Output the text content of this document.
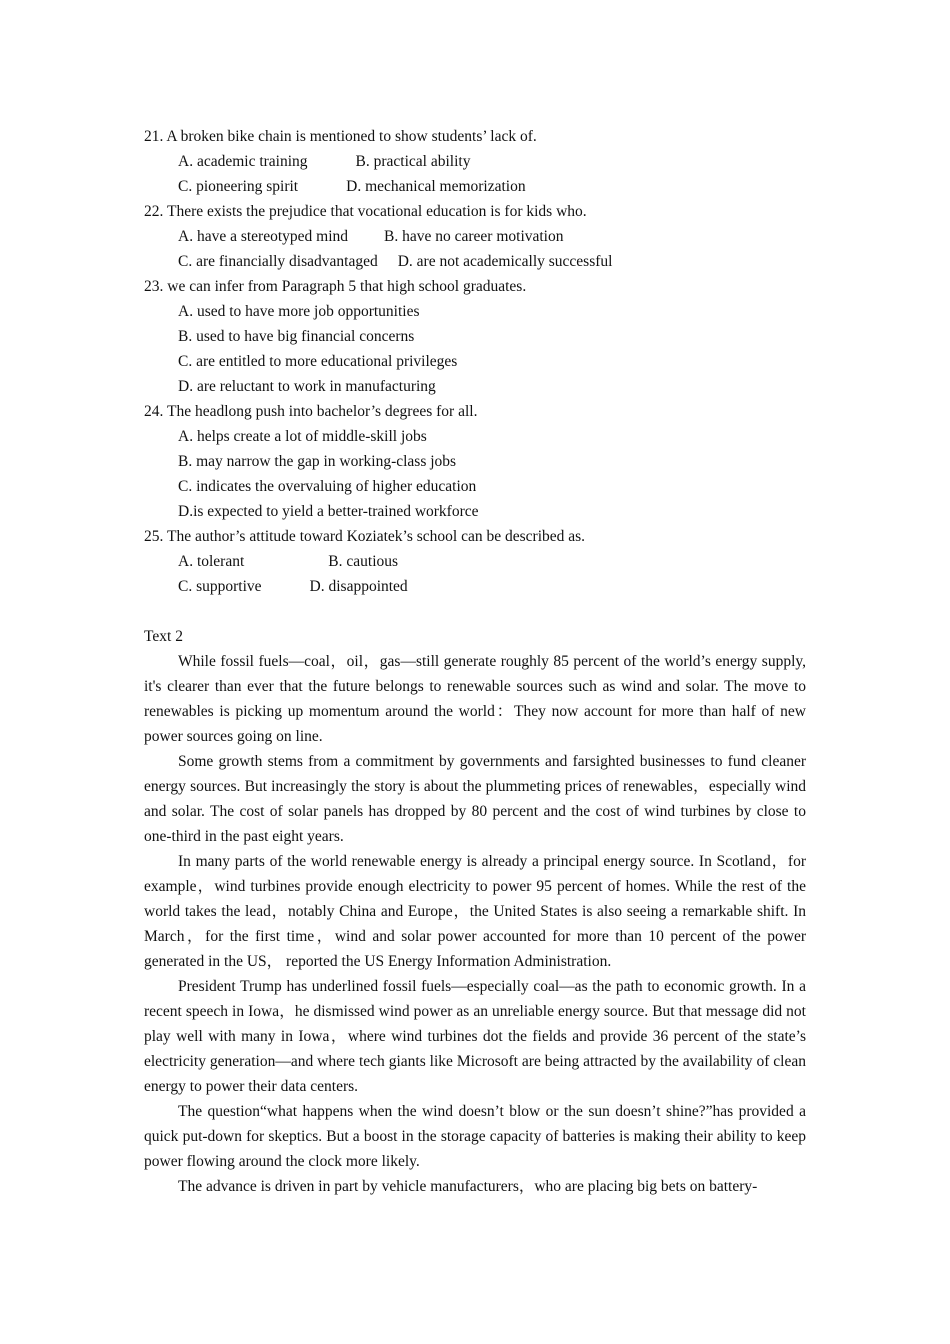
21. A broken bike chain is mentioned to show students’ lack of.
A. academic training	B. practical ability
C. pioneering spirit	D. mechanical memorization
22. There exists the prejudice that vocational education is for kids who.
A. have a stereotyped mind B. have no career motivation
C. are financially disadvantaged D. are not academically successful
23. we can infer from Paragraph 5 that high school graduates.
A. used to have more job opportunities
B. used to have big financial concerns
C. are entitled to more educational privileges
D. are reluctant to work in manufacturing
24. The headlong push into bachelor’s degrees for all.
A. helps create a lot of middle-skill jobs
B. may narrow the gap in working-class jobs
C. indicates the overvaluing of higher education
D.is expected to yield a better-trained workforce
25. The author’s attitude toward Koziatek’s school can be described as.
A. tolerant	B. cautious
C. supportive	D. disappointed
Text 2

While fossil fuels—coal，oil，gas—still generate roughly 85 percent of the world’s energy supply, it's clearer than ever that the future belongs to renewable sources such as wind and solar. The move to renewables is picking up momentum around the world：They now account for more than half of new power sources going on line.

Some growth stems from a commitment by governments and farsighted businesses to fund cleaner energy sources. But increasingly the story is about the plummeting prices of renewables，especially wind and solar. The cost of solar panels has dropped by 80 percent and the cost of wind turbines by close to one-third in the past eight years.

In many parts of the world renewable energy is already a principal energy source. In Scotland，for example，wind turbines provide enough electricity to power 95 percent of homes. While the rest of the world takes the lead，notably China and Europe，the United States is also seeing a remarkable shift. In March，for the first time，wind and solar power accounted for more than 10 percent of the power generated in the US， reported the US Energy Information Administration.

President Trump has underlined fossil fuels—especially coal—as the path to economic growth. In a recent speech in Iowa，he dismissed wind power as an unreliable energy source. But that message did not play well with many in Iowa，where wind turbines dot the fields and provide 36 percent of the state’s electricity generation—and where tech giants like Microsoft are being attracted by the availability of clean energy to power their data centers.

The question“what happens when the wind doesn’t blow or the sun doesn’t shine?”has provided a quick put-down for skeptics. But a boost in the storage capacity of batteries is making their ability to keep power flowing around the clock more likely.

The advance is driven in part by vehicle manufacturers，who are placing big bets on battery-
